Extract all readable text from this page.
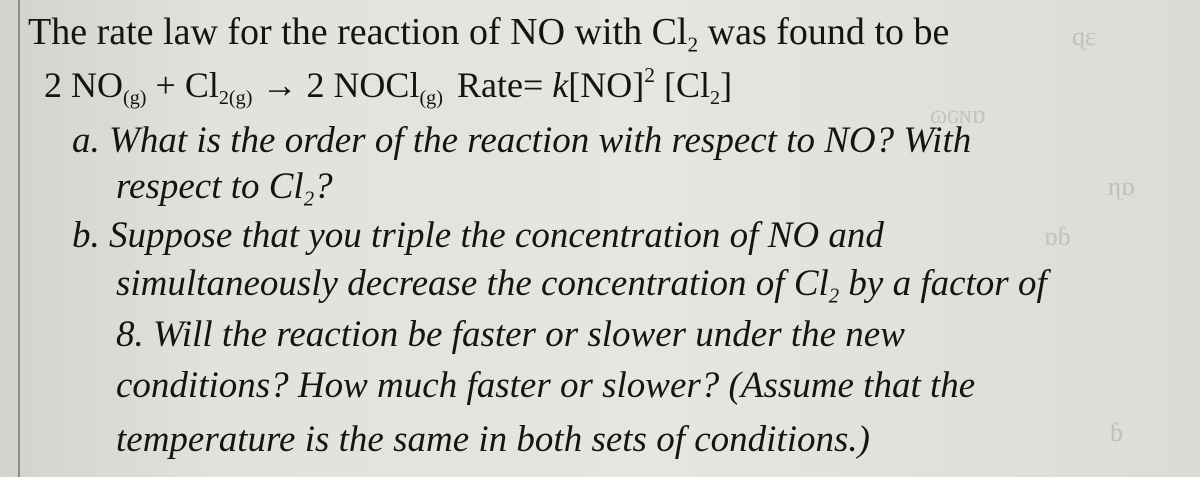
ɋɛ
ɷɢɴɒ
ɳɒ
ɒɓ
ɓ
The rate law for the reaction of NO with $Cl_2$ was found to be
2 $NO_{(g)} + Cl_{2(g)} \to 2$ NOCl$_{(g)}$ Rate= k[NO]$^2$ $[Cl_2]$
a. What is the order of the reaction with respect to NO? With
respect to $Cl_2$?
b. Suppose that you triple the concentration of NO and
simultaneously decrease the concentration of $Cl_2$ by a factor of
8. Will the reaction be faster or slower under the new
conditions? How much faster or slower? (Assume that the
temperature is the same in both sets of conditions.)
